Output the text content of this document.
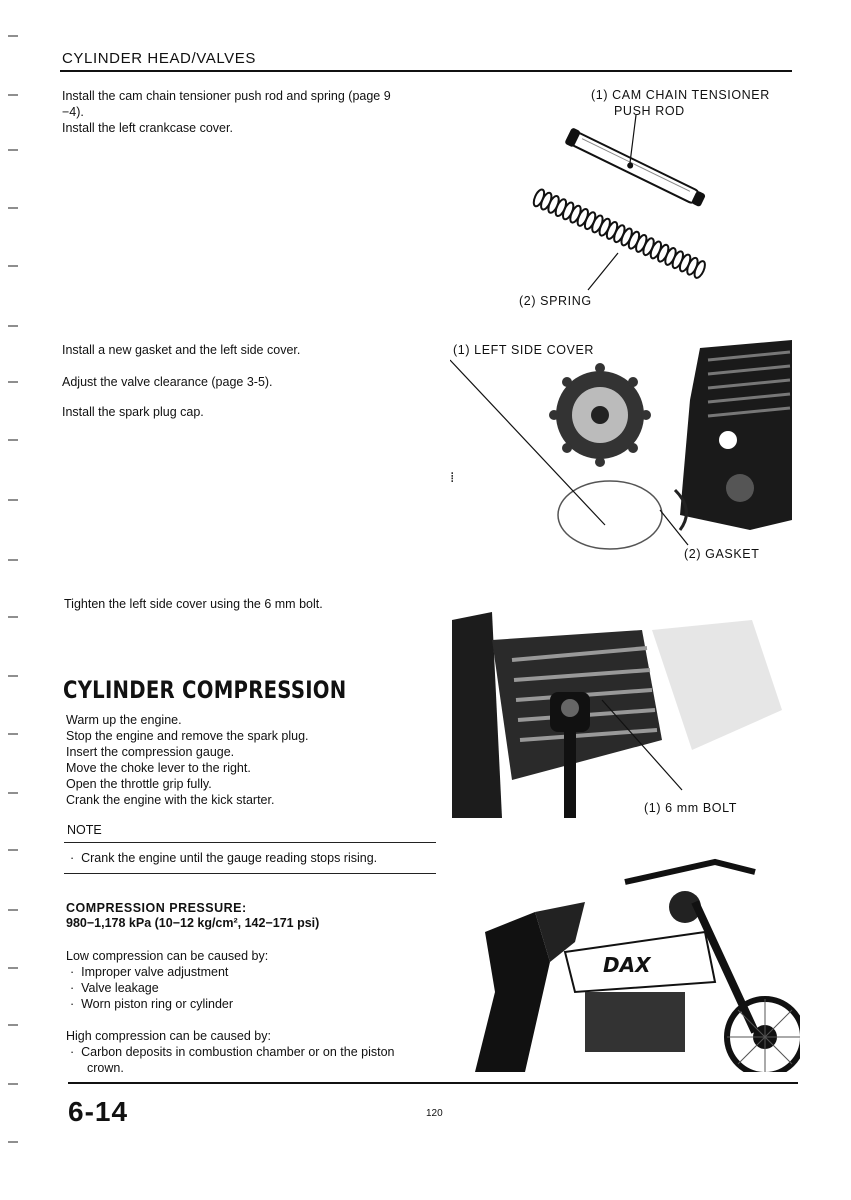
CYLINDER HEAD/VALVES

Install the cam chain tensioner push rod and spring (page 9

−4).

Install the left crankcase cover.

(1) CAM CHAIN TENSIONER
PUSH ROD
(2) SPRING

Install a new gasket and the left side cover.

Adjust the valve clearance (page 3-5).

Install the spark plug cap.

⁞
(1) LEFT SIDE COVER
(2) GASKET

Tighten the left side cover using the 6 mm bolt.

(1) 6 mm BOLT
CYLINDER COMPRESSION

Warm up the engine.

Stop the engine and remove the spark plug.

Insert the compression gauge.

Move the choke lever to the right.

Open the throttle grip fully.

Crank the engine with the kick starter.

NOTE

·  Crank the engine until the gauge reading stops rising.

COMPRESSION PRESSURE:

980−1,178 kPa (10−12 kg/cm², 142−171 psi)

Low compression can be caused by:

·  Improper valve adjustment

·  Valve leakage

·  Worn piston ring or cylinder

High compression can be caused by:

·  Carbon deposits in combustion chamber or on the piston

crown.

DAX
6-14	120
